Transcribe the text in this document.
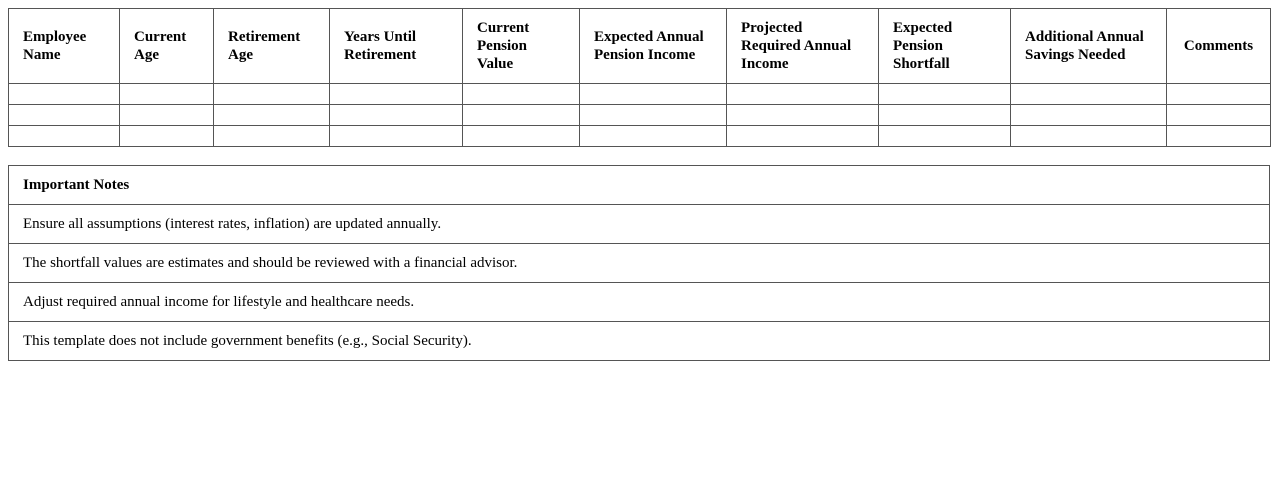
Employee Name	Current Age	Retirement Age	Years Until Retirement	Current Pension Value	Expected Annual Pension Income	Projected Required Annual Income	Expected Pension Shortfall	Additional Annual Savings Needed	Comments

Important Notes
Ensure all assumptions (interest rates, inflation) are updated annually.
The shortfall values are estimates and should be reviewed with a financial advisor.
Adjust required annual income for lifestyle and healthcare needs.
This template does not include government benefits (e.g., Social Security).
